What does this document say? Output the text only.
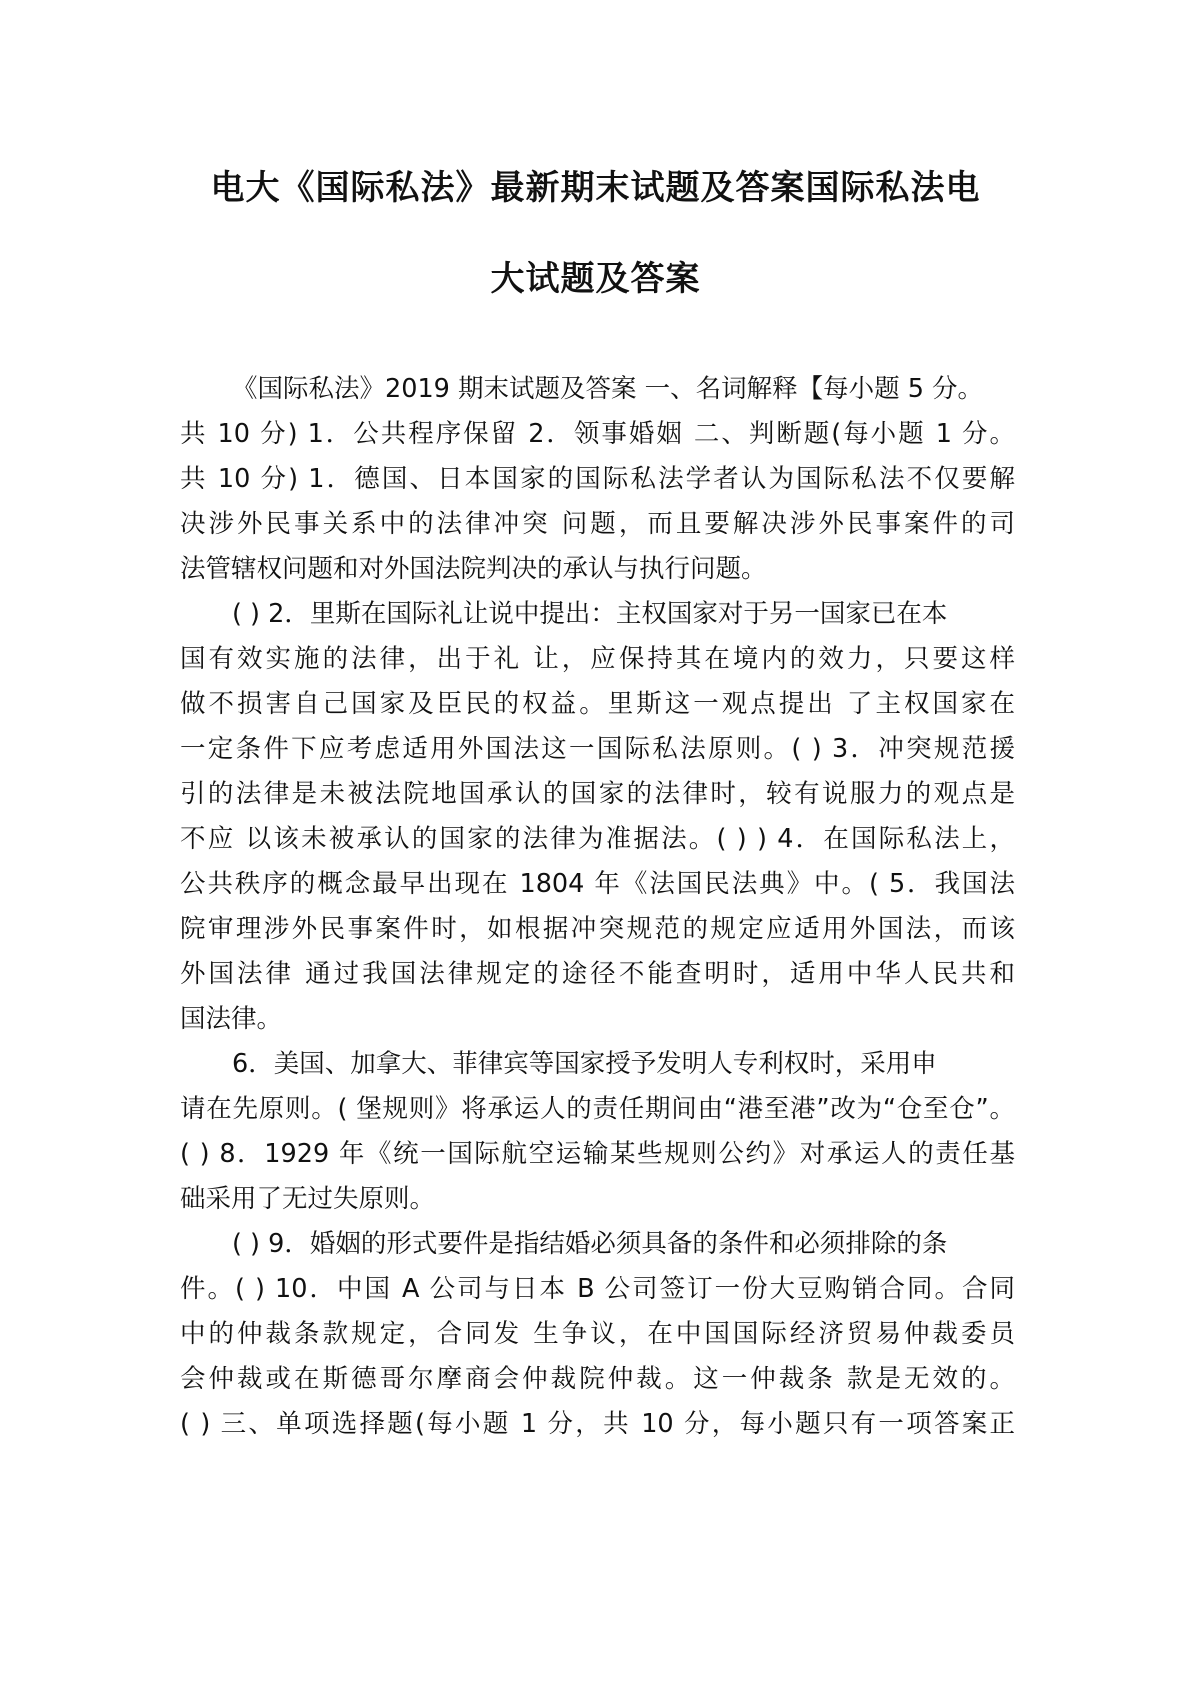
电大《国际私法》最新期末试题及答案国际私法电
大试题及答案
《国际私法》2019 期末试题及答案 一、名词解释【每小题 5 分。
共 10 分) 1．公共程序保留 2．领事婚姻 二、判断题(每小题 1 分。
共 10 分) 1．德国、日本国家的国际私法学者认为国际私法不仅要解
决涉外民事关系中的法律冲突 问题，而且要解决涉外民事案件的司
法管辖权问题和对外国法院判决的承认与执行问题。
( ) 2．里斯在国际礼让说中提出：主权国家对于另一国家已在本
国有效实施的法律，出于礼 让，应保持其在境内的效力，只要这样
做不损害自己国家及臣民的权益。里斯这一观点提出 了主权国家在
一定条件下应考虑适用外国法这一国际私法原则。( ) 3．冲突规范援
引的法律是未被法院地国承认的国家的法律时，较有说服力的观点是
不应 以该未被承认的国家的法律为准据法。( ) ) 4．在国际私法上，
公共秩序的概念最早出现在 1804 年《法国民法典》中。( 5．我国法
院审理涉外民事案件时，如根据冲突规范的规定应适用外国法，而该
外国法律 通过我国法律规定的途径不能查明时，适用中华人民共和
国法律。
6．美国、加拿大、菲律宾等国家授予发明人专利权时，采用申
请在先原则。( 堡规则》将承运人的责任期间由“港至港”改为“仓至仓”。
( ) 8．1929 年《统一国际航空运输某些规则公约》对承运人的责任基
础采用了无过失原则。
( ) 9．婚姻的形式要件是指结婚必须具备的条件和必须排除的条
件。( ) 10．中国 A 公司与日本 B 公司签订一份大豆购销合同。合同
中的仲裁条款规定，合同发 生争议，在中国国际经济贸易仲裁委员
会仲裁或在斯德哥尔摩商会仲裁院仲裁。这一仲裁条 款是无效的。
( ) 三、单项选择题(每小题 1 分，共 10 分，每小题只有一项答案正
